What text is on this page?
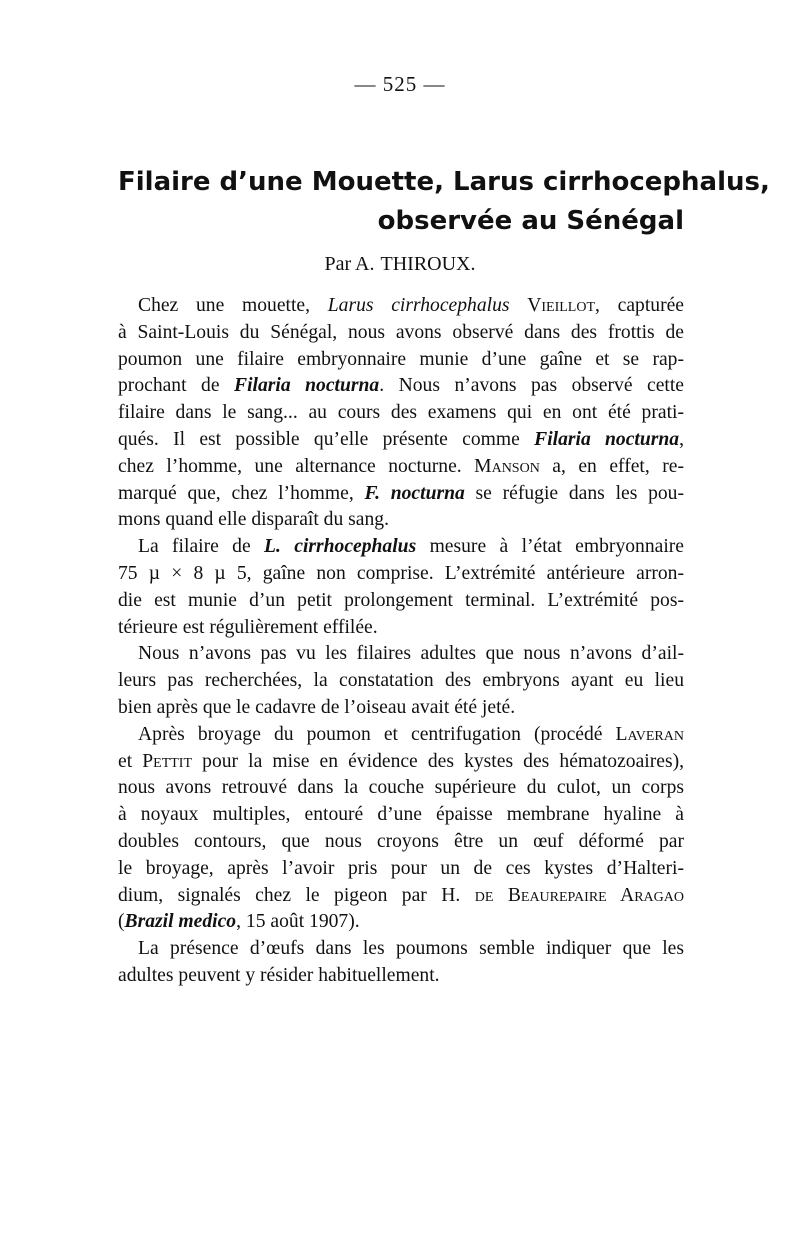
— 525 —
Filaire d’une Mouette, Larus cirrhocephalus,
observée au Sénégal
Par A. THIROUX.

Chez une mouette, Larus cirrhocephalus Vieillot, capturée
à Saint-Louis du Sénégal, nous avons observé dans des frottis de
poumon une filaire embryonnaire munie d’une gaîne et se rap-
prochant de Filaria nocturna. Nous n’avons pas observé cette
filaire dans le sang... au cours des examens qui en ont été prati-
qués. Il est possible qu’elle présente comme Filaria nocturna,
chez l’homme, une alternance nocturne. Manson a, en effet, re-
marqué que, chez l’homme, F. nocturna se réfugie dans les pou-
mons quand elle disparaît du sang.

La filaire de L. cirrhocephalus mesure à l’état embryonnaire
75 µ × 8 µ 5, gaîne non comprise. L’extrémité antérieure arron-
die est munie d’un petit prolongement terminal. L’extrémité pos-
térieure est régulièrement effilée.

Nous n’avons pas vu les filaires adultes que nous n’avons d’ail-
leurs pas recherchées, la constatation des embryons ayant eu lieu
bien après que le cadavre de l’oiseau avait été jeté.

Après broyage du poumon et centrifugation (procédé Laveran
et Pettit pour la mise en évidence des kystes des hématozoaires),
nous avons retrouvé dans la couche supérieure du culot, un corps
à noyaux multiples, entouré d’une épaisse membrane hyaline à
doubles contours, que nous croyons être un œuf déformé par
le broyage, après l’avoir pris pour un de ces kystes d’Halteri-
dium, signalés chez le pigeon par H. de Beaurepaire Aragao
(Brazil medico, 15 août 1907).

La présence d’œufs dans les poumons semble indiquer que les
adultes peuvent y résider habituellement.
